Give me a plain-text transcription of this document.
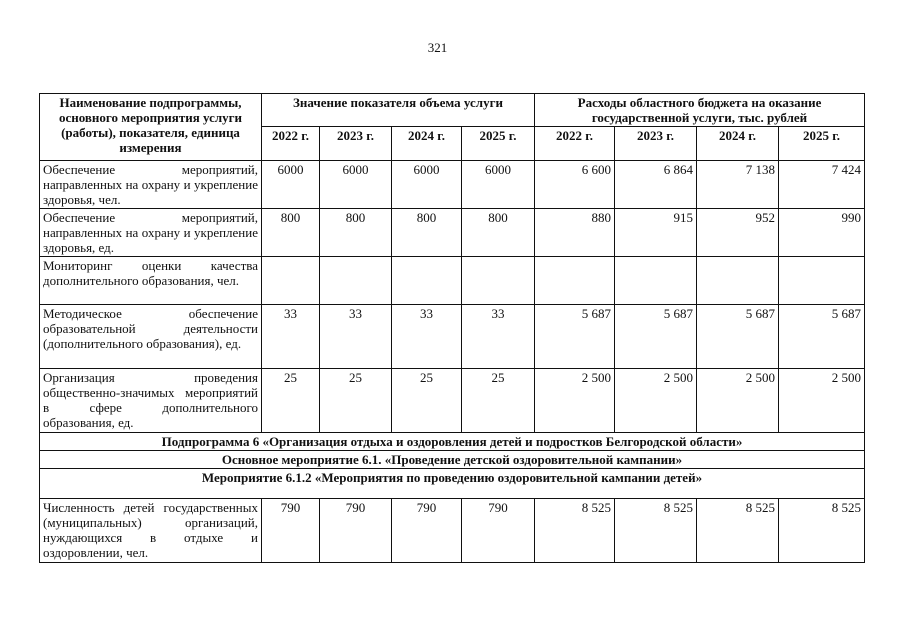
321
Наименование подпрограммы, основного мероприятия услуги (работы), показателя, единица измерения	Значение показателя объема услуги				Расходы областного бюджета на оказание государственной услуги, тыс. рублей			
	2022 г.	2023 г.	2024 г.	2025 г.	2022 г.	2023 г.	2024 г.	2025 г.
Обеспечение мероприятий, направленных на охрану и укрепление здоровья, чел.	6000	6000	6000	6000	6 600	6 864	7 138	7 424
Обеспечение мероприятий, направленных на охрану и укрепление здоровья, ед.	800	800	800	800	880	915	952	990
Мониторинг оценки качества дополнительного образования, чел.								
Методическое обеспечение образовательной деятельности (дополнительного образования), ед.	33	33	33	33	5 687	5 687	5 687	5 687
Организация проведения общественно-значимых мероприятий в сфере дополнительного образования, ед.	25	25	25	25	2 500	2 500	2 500	2 500
Подпрограмма 6 «Организация отдыха и оздоровления детей и подростков Белгородской области»								
Основное мероприятие 6.1. «Проведение детской оздоровительной кампании»								
Мероприятие 6.1.2 «Мероприятия по проведению оздоровительной кампании детей»								
Численность детей госудаpственных (муниципальных) организаций, нуждающихся в отдыхе и оздоровлении, чел.	790	790	790	790	8 525	8 525	8 525	8 525
